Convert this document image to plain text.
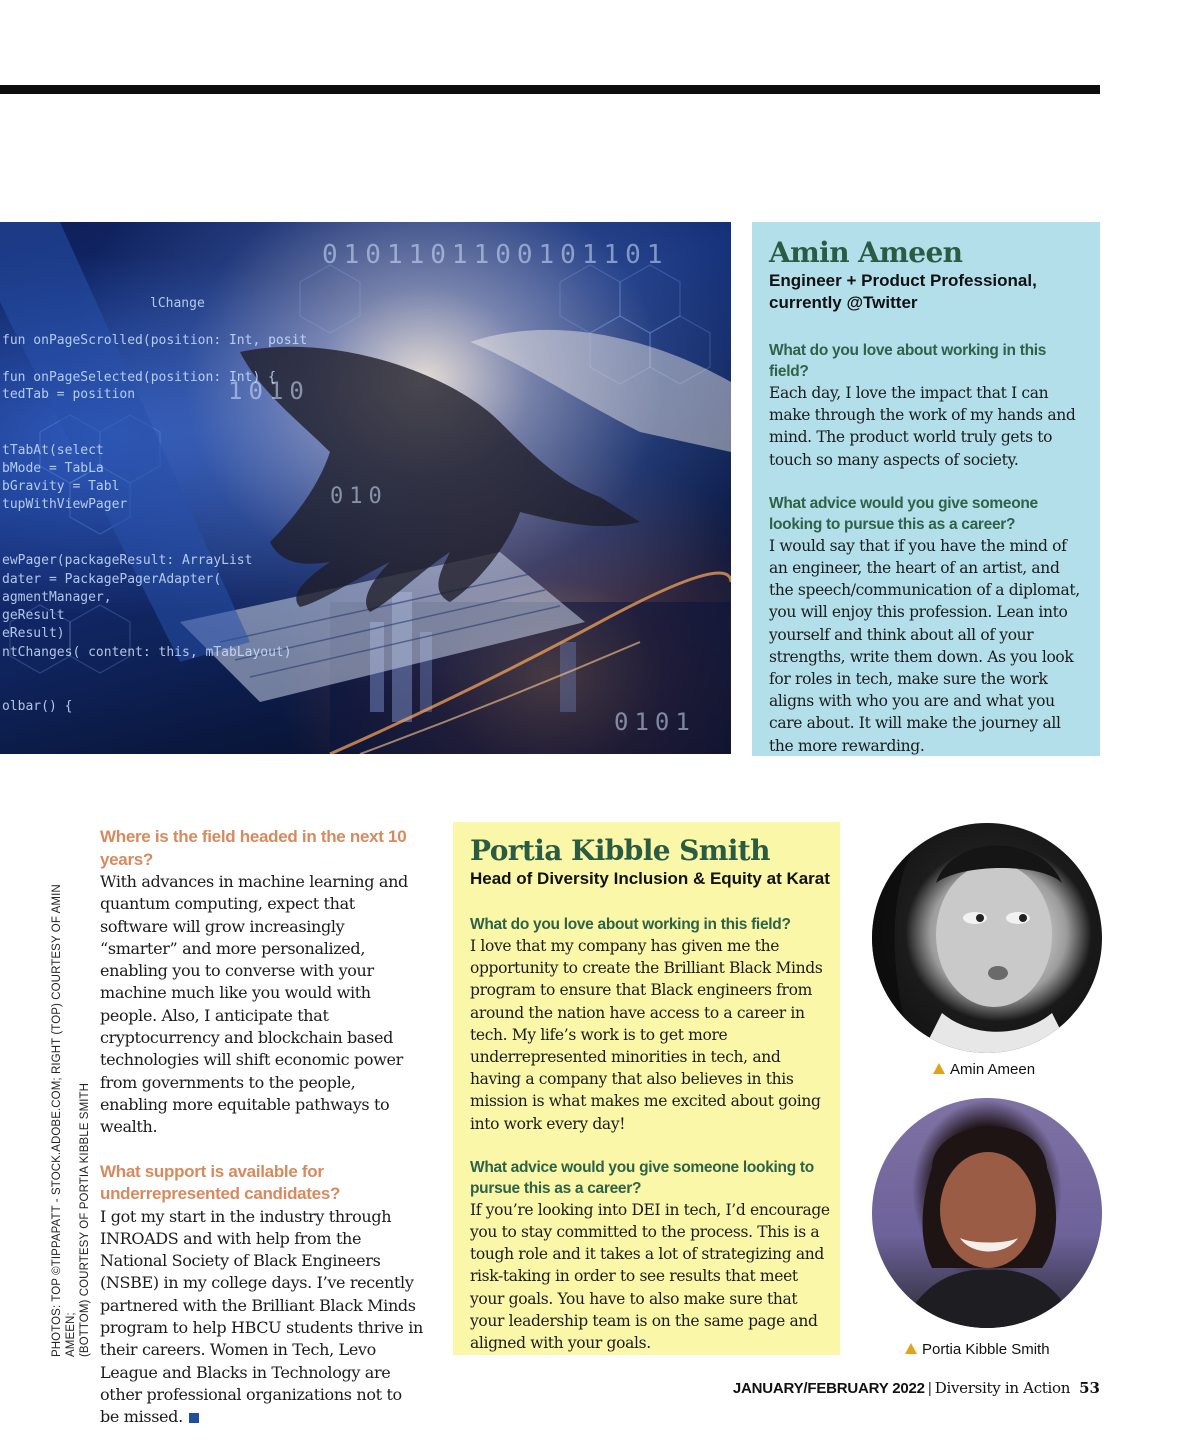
0101101100101101
1010
010
0101
lChange
fun onPageScrolled(position: Int, posit
fun onPageSelected(position: Int) {
tedTab = position
tTabAt(select
bMode = TabLa
bGravity = Tabl
tupWithViewPager
ewPager(packageResult: ArrayList
dater = PackagePagerAdapter(
agmentManager,
geResult
eResult)
ntChanges( content: this, mTabLayout)
olbar() {
Amin Ameen

Engineer + Product Professional,
currently @Twitter

What do you love about working in this field?

Each day, I love the impact that I can make through the work of my hands and mind. The product world truly gets to touch so many aspects of society.

What advice would you give someone looking to pursue this as a career?

I would say that if you have the mind of an engineer, the heart of an artist, and the speech/communication of a diplomat, you will enjoy this profession. Lean into yourself and think about all of your strengths, write them down. As you look for roles in tech, make sure the work aligns with who you are and what you care about. It will make the journey all the more rewarding.

PHOTOS: TOP ©TIPPAPATT - STOCK.ADOBE.COM; RIGHT (TOP) COURTESY OF AMIN AMEEN; (BOTTOM) COURTESY OF PORTIA KIBBLE SMITH

Where is the field headed in the next 10 years?

With advances in machine learning and quantum computing, expect that software will grow increasingly “smarter” and more personalized, enabling you to converse with your machine much like you would with people. Also, I anticipate that cryptocurrency and blockchain based technologies will shift economic power from governments to the people, enabling more equitable pathways to wealth.

What support is available for underrepresented candidates?

I got my start in the industry through INROADS and with help from the National Society of Black Engineers (NSBE) in my college days. I’ve recently partnered with the Brilliant Black Minds program to help HBCU students thrive in their careers. Women in Tech, Levo League and Blacks in Technology are other professional organizations not to be missed.

Portia Kibble Smith

Head of Diversity Inclusion & Equity at Karat

What do you love about working in this field?

I love that my company has given me the opportunity to create the Brilliant Black Minds program to ensure that Black engineers from around the nation have access to a career in tech. My life’s work is to get more underrepresented minorities in tech, and having a company that also believes in this mission is what makes me excited about going into work every day!

What advice would you give someone looking to pursue this as a career?

If you’re looking into DEI in tech, I’d encourage you to stay committed to the process. This is a tough role and it takes a lot of strategizing and risk-taking in order to see results that meet your goals. You have to also make sure that your leadership team is on the same page and aligned with your goals.

Amin Ameen
Portia Kibble Smith
JANUARY/FEBRUARY 2022 | Diversity in Action 53
